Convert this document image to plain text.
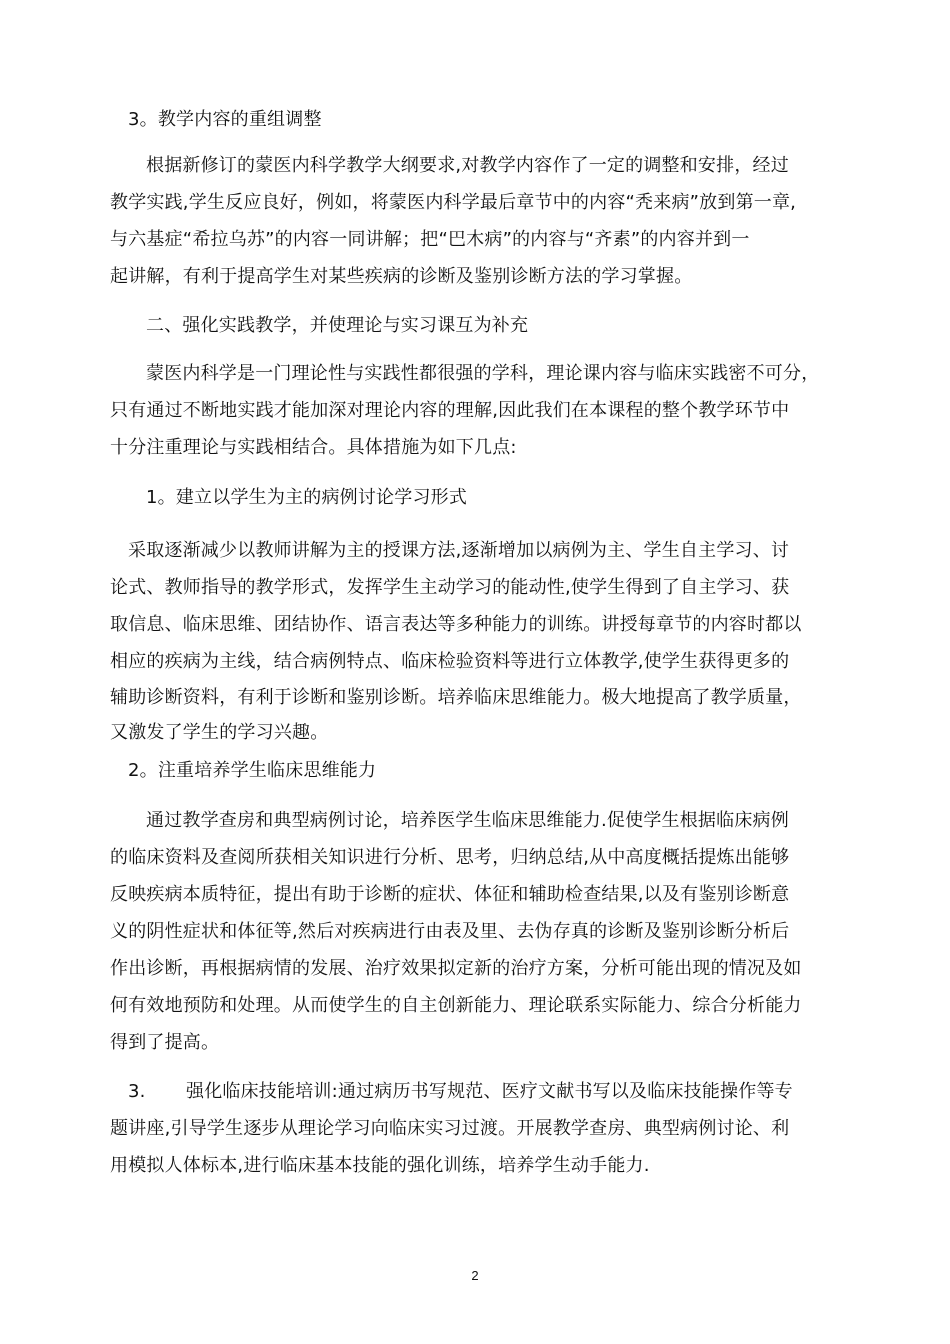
3。教学内容的重组调整
根据新修订的蒙医内科学教学大纲要求,对教学内容作了一定的调整和安排，经过
教学实践,学生反应良好，例如，将蒙医内科学最后章节中的内容“秃来病”放到第一章,
与六基症“希拉乌苏”的内容一同讲解；把“巴木病”的内容与“齐素”的内容并到一
起讲解，有利于提高学生对某些疾病的诊断及鉴别诊断方法的学习掌握。
二、强化实践教学，并使理论与实习课互为补充
蒙医内科学是一门理论性与实践性都很强的学科，理论课内容与临床实践密不可分，
只有通过不断地实践才能加深对理论内容的理解,因此我们在本课程的整个教学环节中
十分注重理论与实践相结合。具体措施为如下几点:
1。建立以学生为主的病例讨论学习形式
采取逐渐减少以教师讲解为主的授课方法,逐渐增加以病例为主、学生自主学习、讨
论式、教师指导的教学形式，发挥学生主动学习的能动性,使学生得到了自主学习、获
取信息、临床思维、团结协作、语言表达等多种能力的训练。讲授每章节的内容时都以
相应的疾病为主线，结合病例特点、临床检验资料等进行立体教学,使学生获得更多的
辅助诊断资料，有利于诊断和鉴别诊断。培养临床思维能力。极大地提高了教学质量，
又激发了学生的学习兴趣。
2。注重培养学生临床思维能力
通过教学查房和典型病例讨论，培养医学生临床思维能力.促使学生根据临床病例
的临床资料及查阅所获相关知识进行分析、思考，归纳总结,从中高度概括提炼出能够
反映疾病本质特征，提出有助于诊断的症状、体征和辅助检查结果,以及有鉴别诊断意
义的阴性症状和体征等,然后对疾病进行由表及里、去伪存真的诊断及鉴别诊断分析后
作出诊断，再根据病情的发展、治疗效果拟定新的治疗方案，分析可能出现的情况及如
何有效地预防和处理。从而使学生的自主创新能力、理论联系实际能力、综合分析能力
得到了提高。
3. 强化临床技能培训:通过病历书写规范、医疗文献书写以及临床技能操作等专
题讲座,引导学生逐步从理论学习向临床实习过渡。开展教学查房、典型病例讨论、利
用模拟人体标本,进行临床基本技能的强化训练，培养学生动手能力.
2
